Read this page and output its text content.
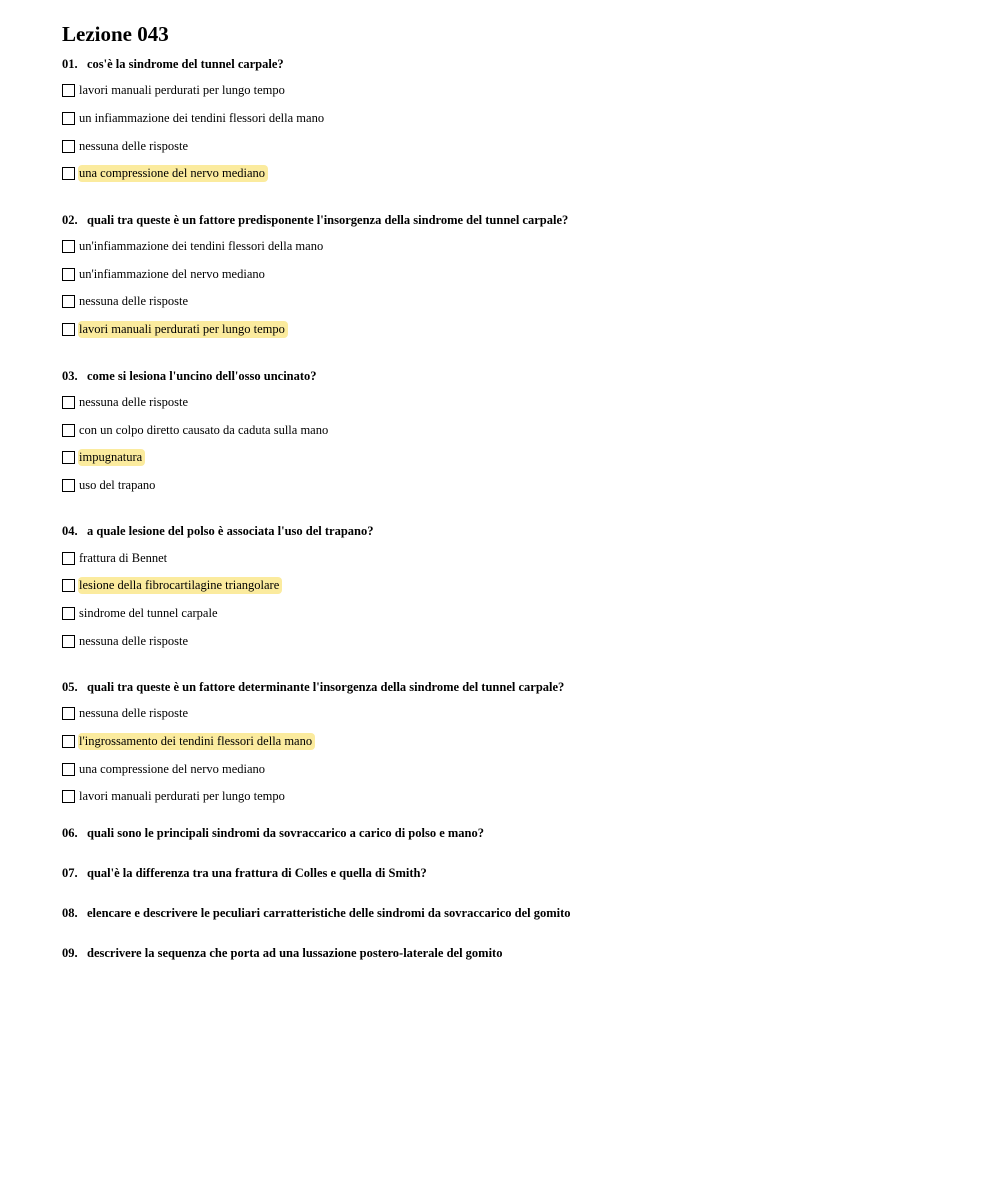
Lezione 043
01. cos'è la sindrome del tunnel carpale?
lavori manuali perdurati per lungo tempo
un infiammazione dei tendini flessori della mano
nessuna delle risposte
una compressione del nervo mediano
02. quali tra queste è un fattore predisponente l'insorgenza della sindrome del tunnel carpale?
un'infiammazione dei tendini flessori della mano
un'infiammazione del nervo mediano
nessuna delle risposte
lavori manuali perdurati per lungo tempo
03. come si lesiona l'uncino dell'osso uncinato?
nessuna delle risposte
con un colpo diretto causato da caduta sulla mano
impugnatura
uso del trapano
04. a quale lesione del polso è associata l'uso del trapano?
frattura di Bennet
lesione della fibrocartilagine triangolare
sindrome del tunnel carpale
nessuna delle risposte
05. quali tra queste è un fattore determinante l'insorgenza della sindrome del tunnel carpale?
nessuna delle risposte
l'ingrossamento dei tendini flessori della mano
una compressione del nervo mediano
lavori manuali perdurati per lungo tempo
06. quali sono le principali sindromi da sovraccarico a carico di polso e mano?
07. qual'è la differenza tra una frattura di Colles e quella di Smith?
08. elencare e descrivere le peculiari carratteristiche delle sindromi da sovraccarico del gomito
09. descrivere la sequenza che porta ad una lussazione postero-laterale del gomito
